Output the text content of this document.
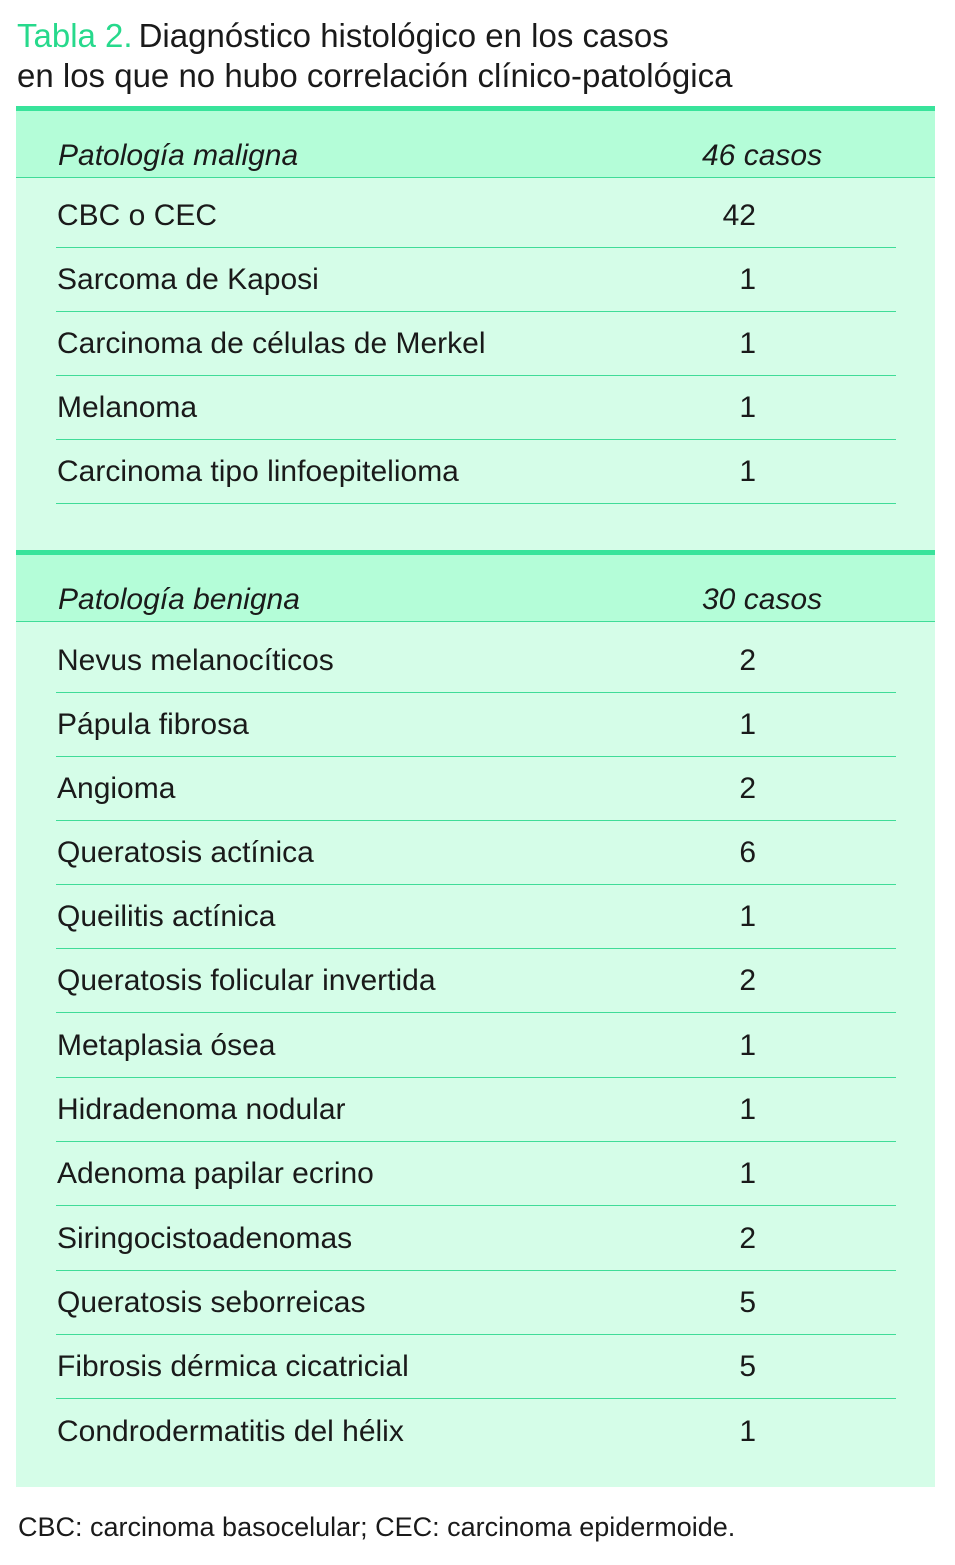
Tabla 2. Diagnóstico histológico en los casos
en los que no hubo correlación clínico-patológica
Patología maligna	46 casos
CBC o CEC	42
Sarcoma de Kaposi	1
Carcinoma de células de Merkel	1
Melanoma	1
Carcinoma tipo linfoepitelioma	1
Patología benigna	30 casos
Nevus melanocíticos	2
Pápula fibrosa	1
Angioma	2
Queratosis actínica	6
Queilitis actínica	1
Queratosis folicular invertida	2
Metaplasia ósea	1
Hidradenoma nodular	1
Adenoma papilar ecrino	1
Siringocistoadenomas	2
Queratosis seborreicas	5
Fibrosis dérmica cicatricial	5
Condrodermatitis del hélix	1
CBC: carcinoma basocelular; CEC: carcinoma epidermoide.
